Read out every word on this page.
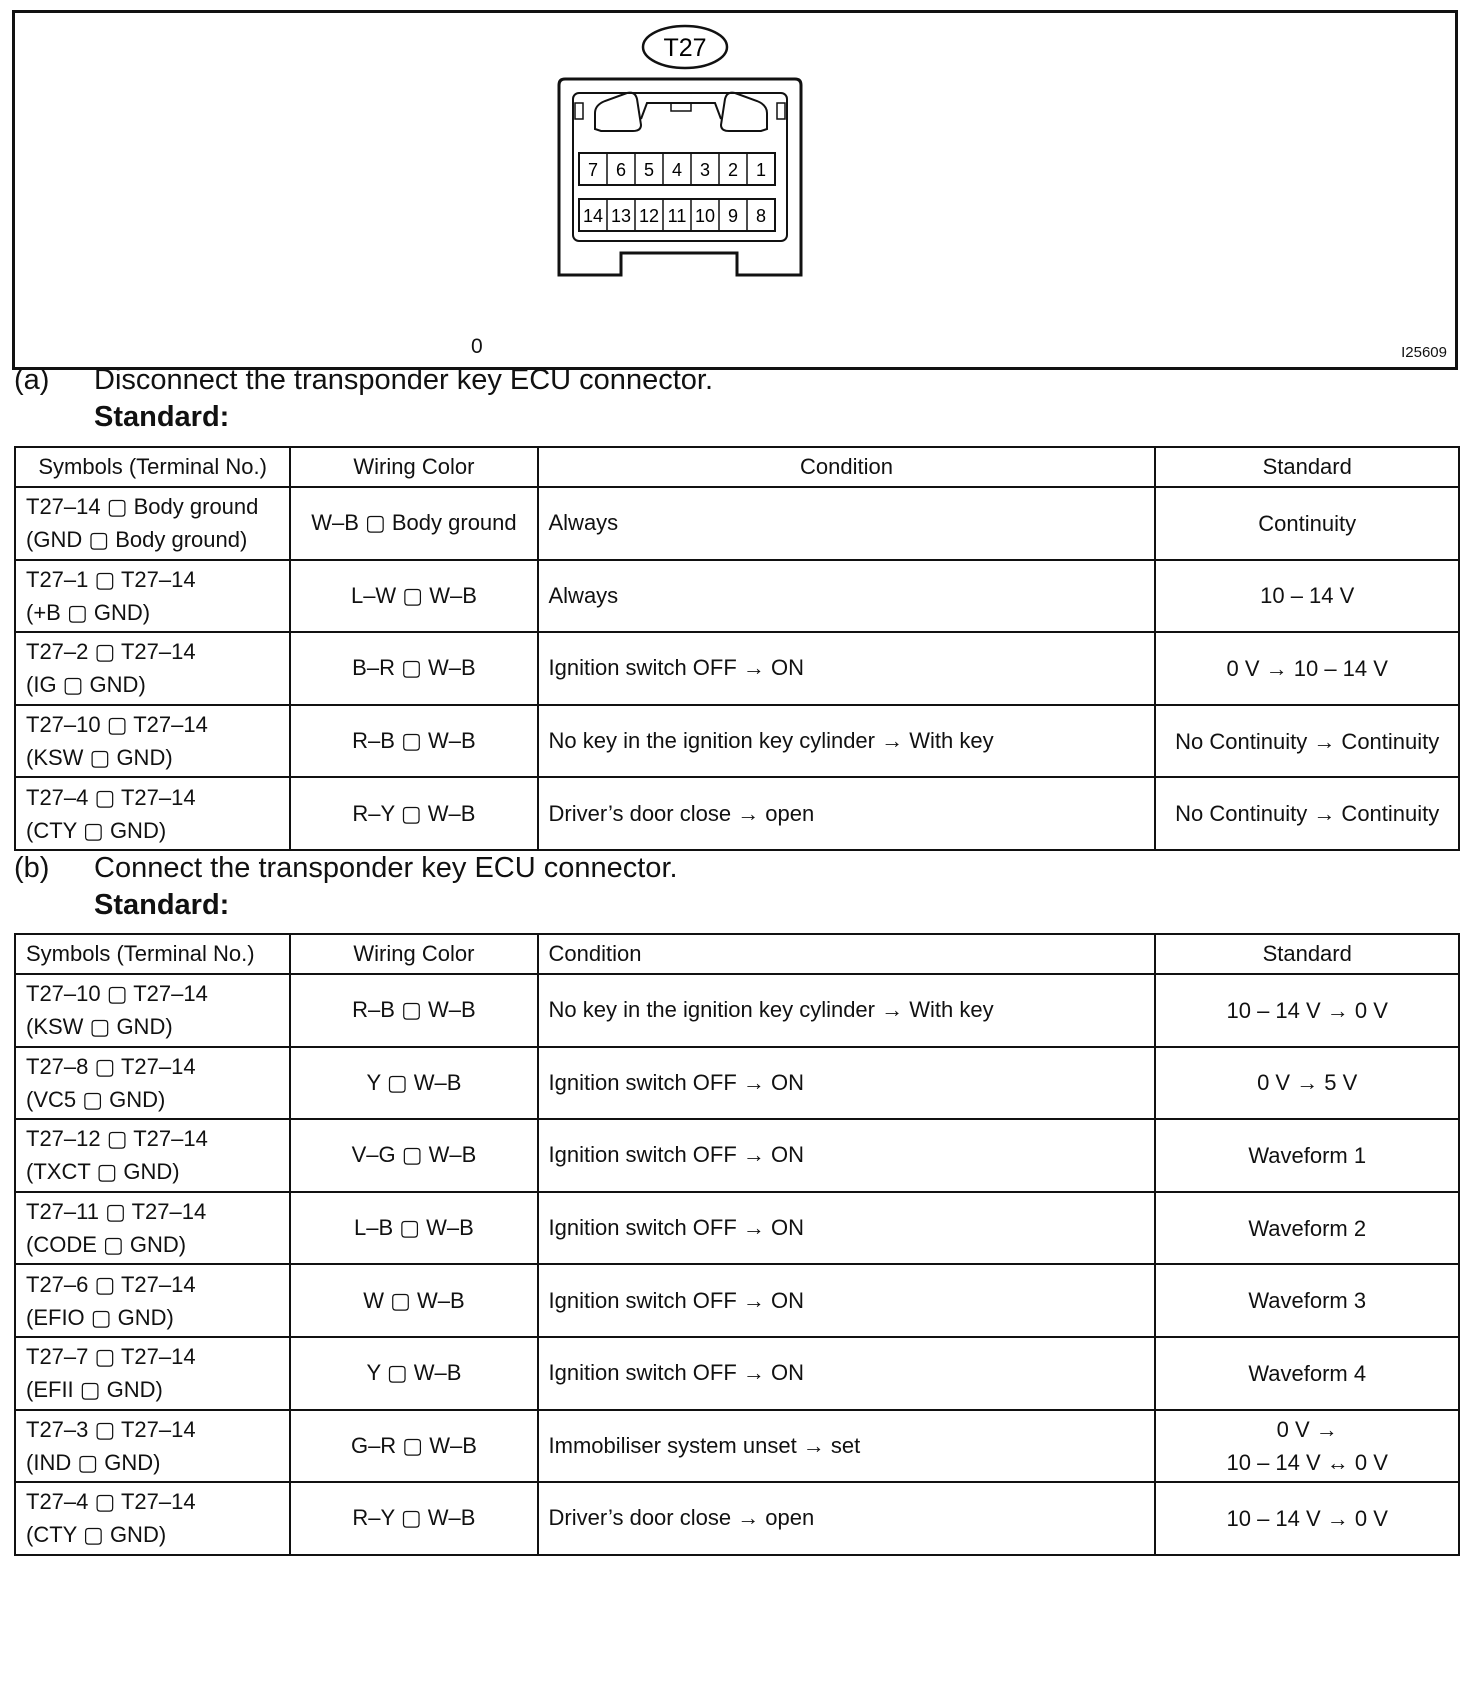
T27
7 6 5 4 3 2 1
14 13 12 11 10 9 8
0	I25609
(a) Disconnect the transponder key ECU connector.
Standard:
Symbols (Terminal No.)	Wiring Color	Condition	Standard

T27–14 ▢ Body ground
(GND ▢ Body ground)	W–B ▢ Body ground	Always	Continuity

T27–1 ▢ T27–14
(+B ▢ GND)	L–W ▢ W–B	Always	10 – 14 V

T27–2 ▢ T27–14
(IG ▢ GND)	B–R ▢ W–B	Ignition switch OFF → ON	0 V → 10 – 14 V

T27–10 ▢ T27–14
(KSW ▢ GND)	R–B ▢ W–B	No key in the ignition key cylinder → With key	No Continuity → Continuity

T27–4 ▢ T27–14
(CTY ▢ GND)	R–Y ▢ W–B	Driver’s door close → open	No Continuity → Continuity
(b) Connect the transponder key ECU connector.
Standard:
Symbols (Terminal No.)	Wiring Color	Condition	Standard

T27–10 ▢ T27–14
(KSW ▢ GND)	R–B ▢ W–B	No key in the ignition key cylinder → With key	10 – 14 V → 0 V

T27–8 ▢ T27–14
(VC5 ▢ GND)	Y ▢ W–B	Ignition switch OFF → ON	0 V → 5 V

T27–12 ▢ T27–14
(TXCT ▢ GND)	V–G ▢ W–B	Ignition switch OFF → ON	Waveform 1

T27–11 ▢ T27–14
(CODE ▢ GND)	L–B ▢ W–B	Ignition switch OFF → ON	Waveform 2

T27–6 ▢ T27–14
(EFIO ▢ GND)	W ▢ W–B	Ignition switch OFF → ON	Waveform 3

T27–7 ▢ T27–14
(EFII ▢ GND)	Y ▢ W–B	Ignition switch OFF → ON	Waveform 4

T27–3 ▢ T27–14
(IND ▢ GND)	G–R ▢ W–B	Immobiliser system unset → set	0 V →
10 – 14 V ↔ 0 V

T27–4 ▢ T27–14
(CTY ▢ GND)	R–Y ▢ W–B	Driver’s door close → open	10 – 14 V → 0 V
